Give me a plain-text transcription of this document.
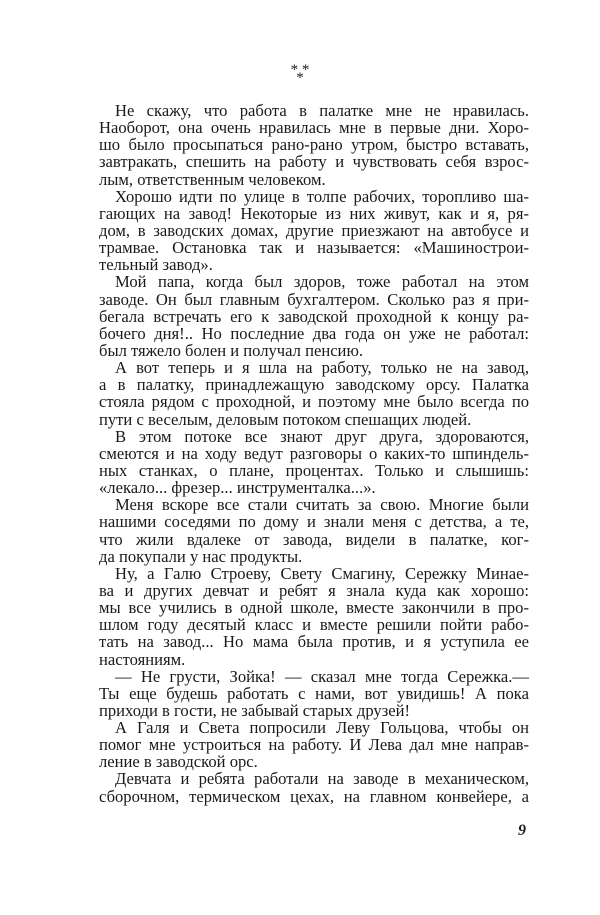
* *
*
Не скажу, что работа в палатке мне не нравилась.
Наоборот, она очень нравилась мне в первые дни. Хоро-
шо было просыпаться рано-рано утром, быстро вставать,
завтракать, спешить на работу и чувствовать себя взрос-
лым, ответственным человеком.
Хорошо идти по улице в толпе рабочих, торопливо ша-
гающих на завод! Некоторые из них живут, как и я, ря-
дом, в заводских домах, другие приезжают на автобусе и
трамвае. Остановка так и называется: «Машинострои-
тельный завод».
Мой папа, когда был здоров, тоже работал на этом
заводе. Он был главным бухгалтером. Сколько раз я при-
бегала встречать его к заводской проходной к концу ра-
бочего дня!.. Но последние два года он уже не работал:
был тяжело болен и получал пенсию.
А вот теперь и я шла на работу, только не на завод,
а в палатку, принадлежащую заводскому орсу. Палатка
стояла рядом с проходной, и поэтому мне было всегда по
пути с веселым, деловым потоком спешащих людей.
В этом потоке все знают друг друга, здороваются,
смеются и на ходу ведут разговоры о каких-то шпиндель-
ных станках, о плане, процентах. Только и слышишь:
«лекало... фрезер... инструменталка...».
Меня вскоре все стали считать за свою. Многие были
нашими соседями по дому и знали меня с детства, а те,
что жили вдалеке от завода, видели в палатке, ког-
да покупали у нас продукты.
Ну, а Галю Строеву, Свету Смагину, Сережку Минае-
ва и других девчат и ребят я знала куда как хорошо:
мы все учились в одной школе, вместе закончили в про-
шлом году десятый класс и вместе решили пойти рабо-
тать на завод... Но мама была против, и я уступила ее
настояниям.
— Не грусти, Зойка! — сказал мне тогда Сережка.—
Ты еще будешь работать с нами, вот увидишь! А пока
приходи в гости, не забывай старых друзей!
А Галя и Света попросили Леву Гольцова, чтобы он
помог мне устроиться на работу. И Лева дал мне направ-
ление в заводской орс.
Девчата и ребята работали на заводе в механическом,
сборочном, термическом цехах, на главном конвейере, а
9
